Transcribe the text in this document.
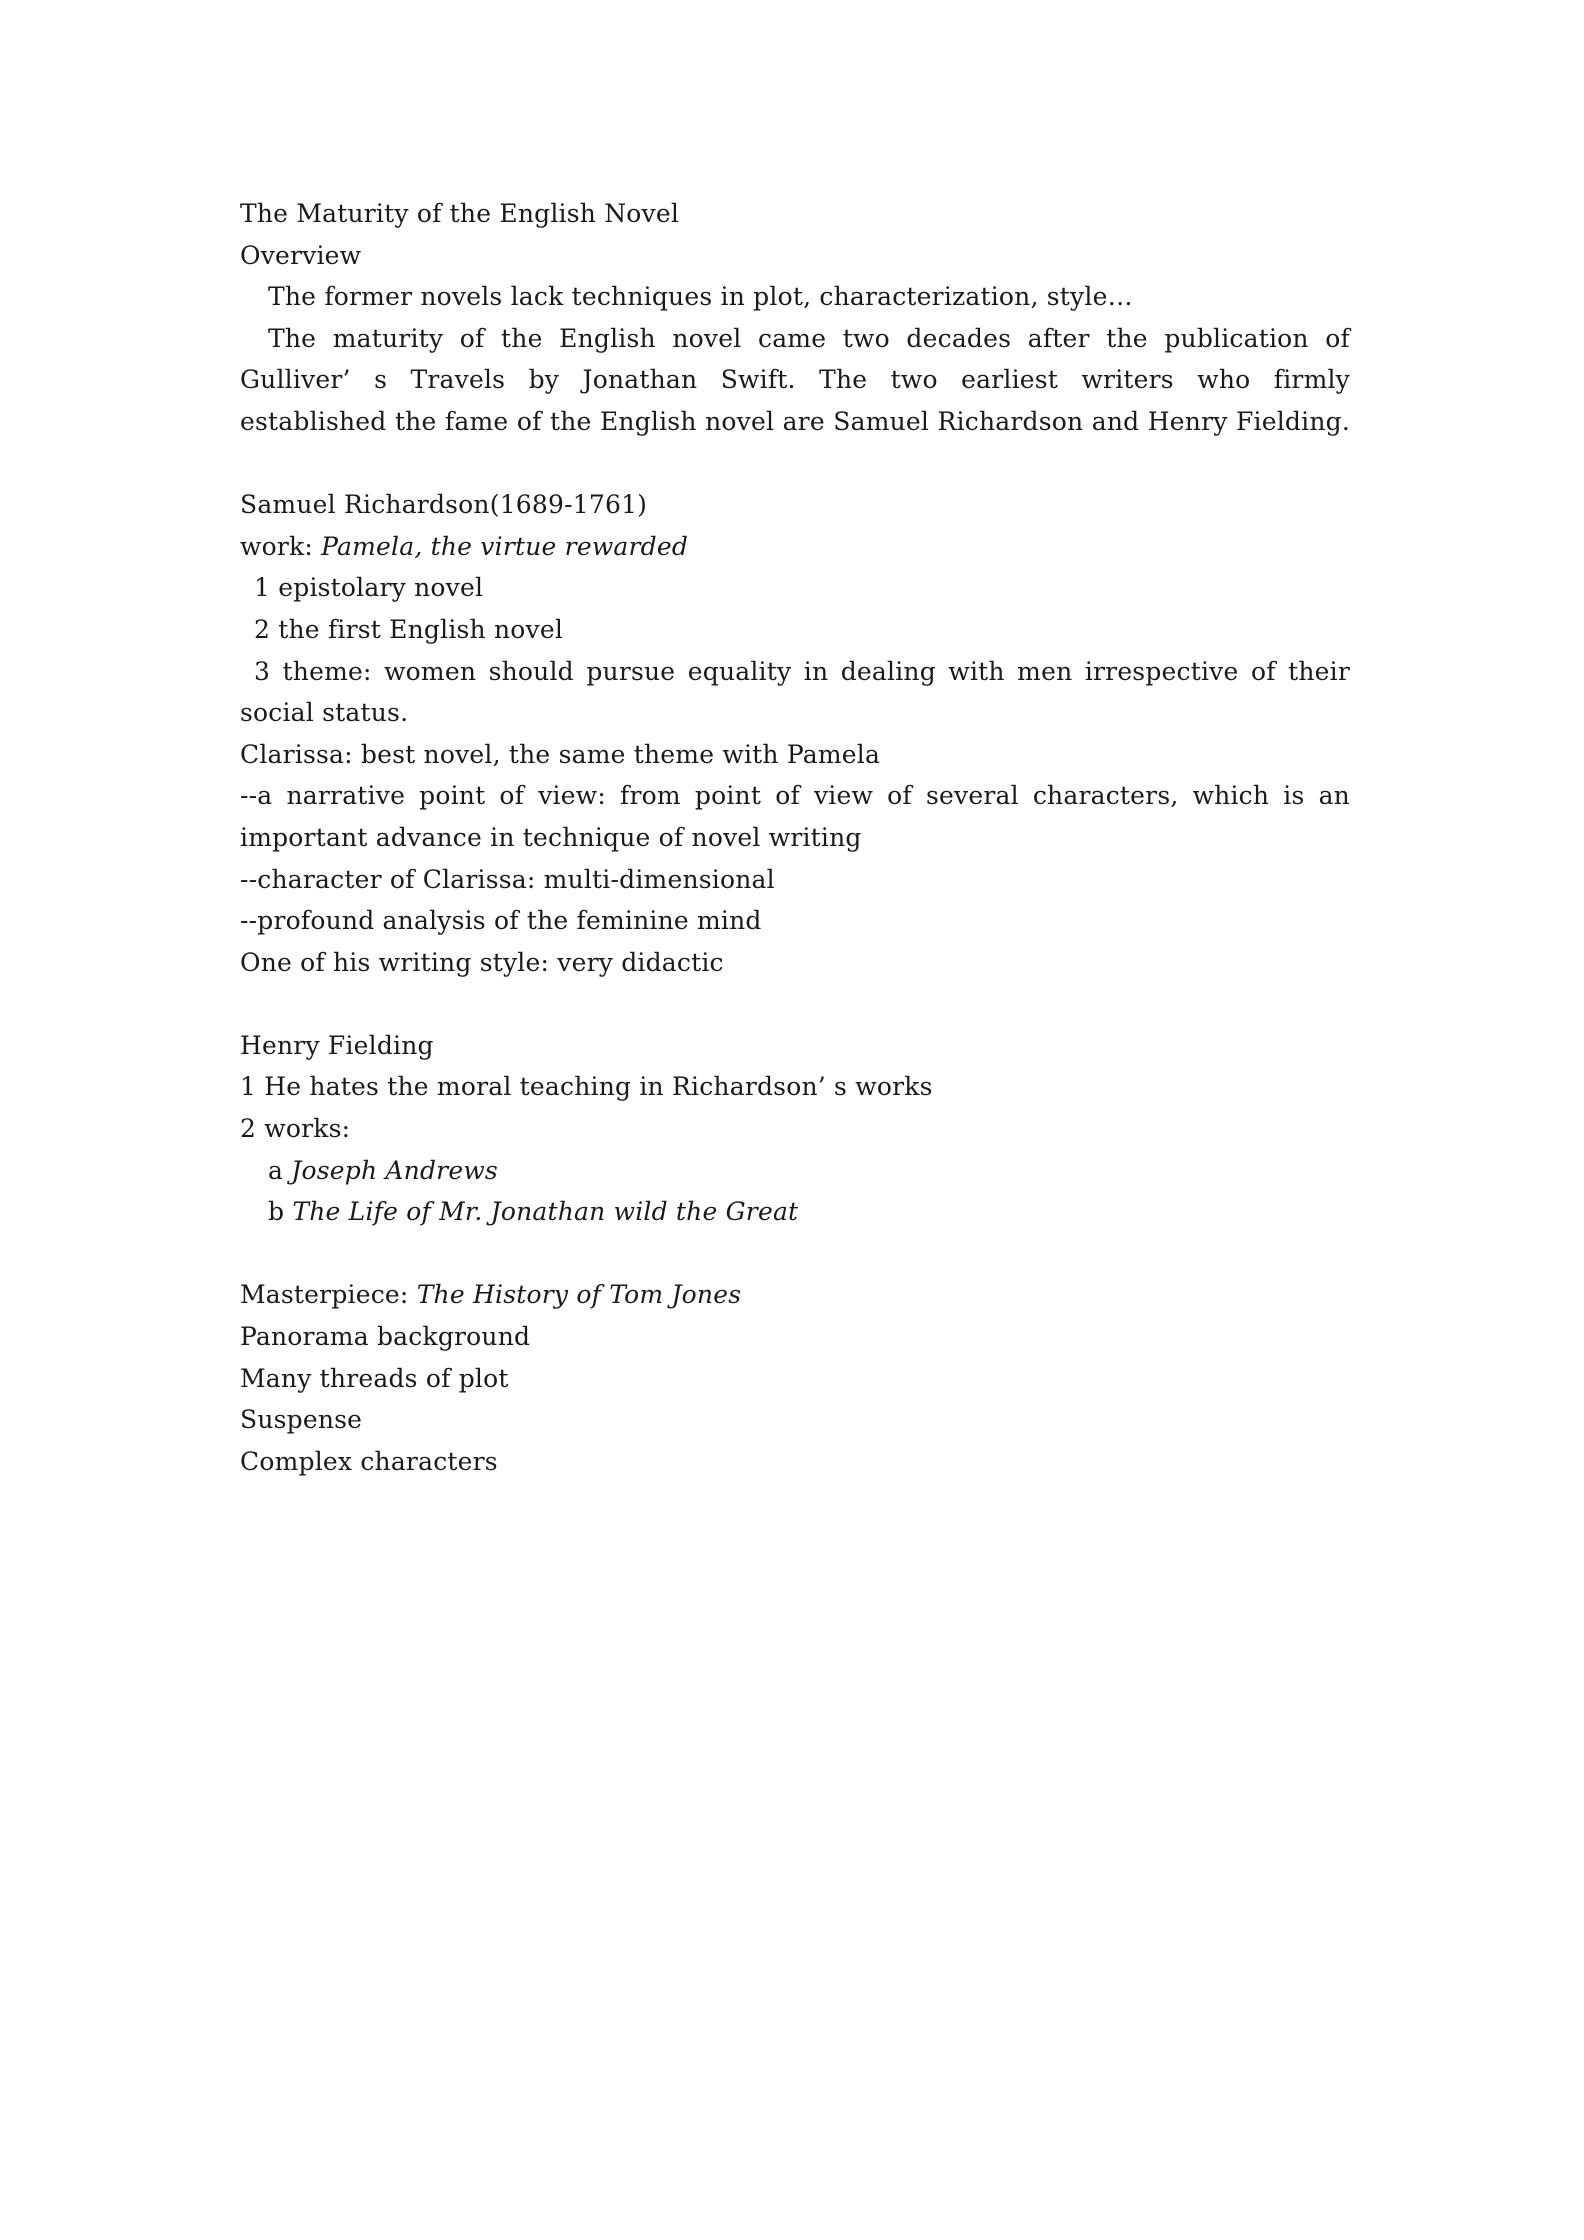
The Maturity of the English Novel
Overview
The former novels lack techniques in plot, characterization, style…
The maturity of the English novel came two decades after the publication of
Gulliver’ s Travels by Jonathan Swift. The two earliest writers who firmly
established the fame of the English novel are Samuel Richardson and Henry Fielding.
Samuel Richardson(1689-1761)
work: Pamela, the virtue rewarded
1 epistolary novel
2 the first English novel
3 theme: women should pursue equality in dealing with men irrespective of their
social status.
Clarissa: best novel, the same theme with Pamela
--a narrative point of view: from point of view of several characters, which is an
important advance in technique of novel writing
--character of Clarissa: multi-dimensional
--profound analysis of the feminine mind
One of his writing style: very didactic
Henry Fielding
1 He hates the moral teaching in Richardson’ s works
2 works:
a Joseph Andrews
b The Life of Mr. Jonathan wild the Great
Masterpiece: The History of Tom Jones
Panorama background
Many threads of plot
Suspense
Complex characters
